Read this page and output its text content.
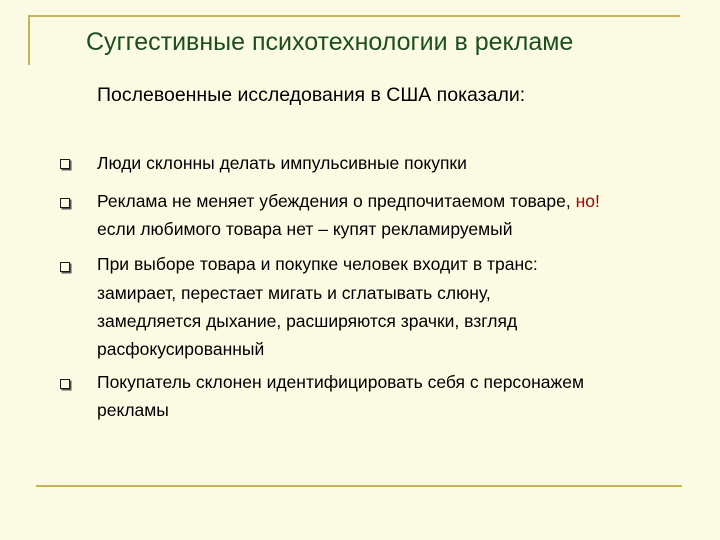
Суггестивные психотехнологии в рекламе
Послевоенные исследования в США показали:
Люди склонны делать импульсивные покупки
Реклама не меняет убеждения о предпочитаемом товаре, но!
если любимого товара нет – купят рекламируемый
При выборе товара и покупке человек входит в транс:
замирает, перестает мигать и сглатывать слюну,
замедляется дыхание, расширяются зрачки, взгляд
расфокусированный
Покупатель склонен идентифицировать себя с персонажем
рекламы
